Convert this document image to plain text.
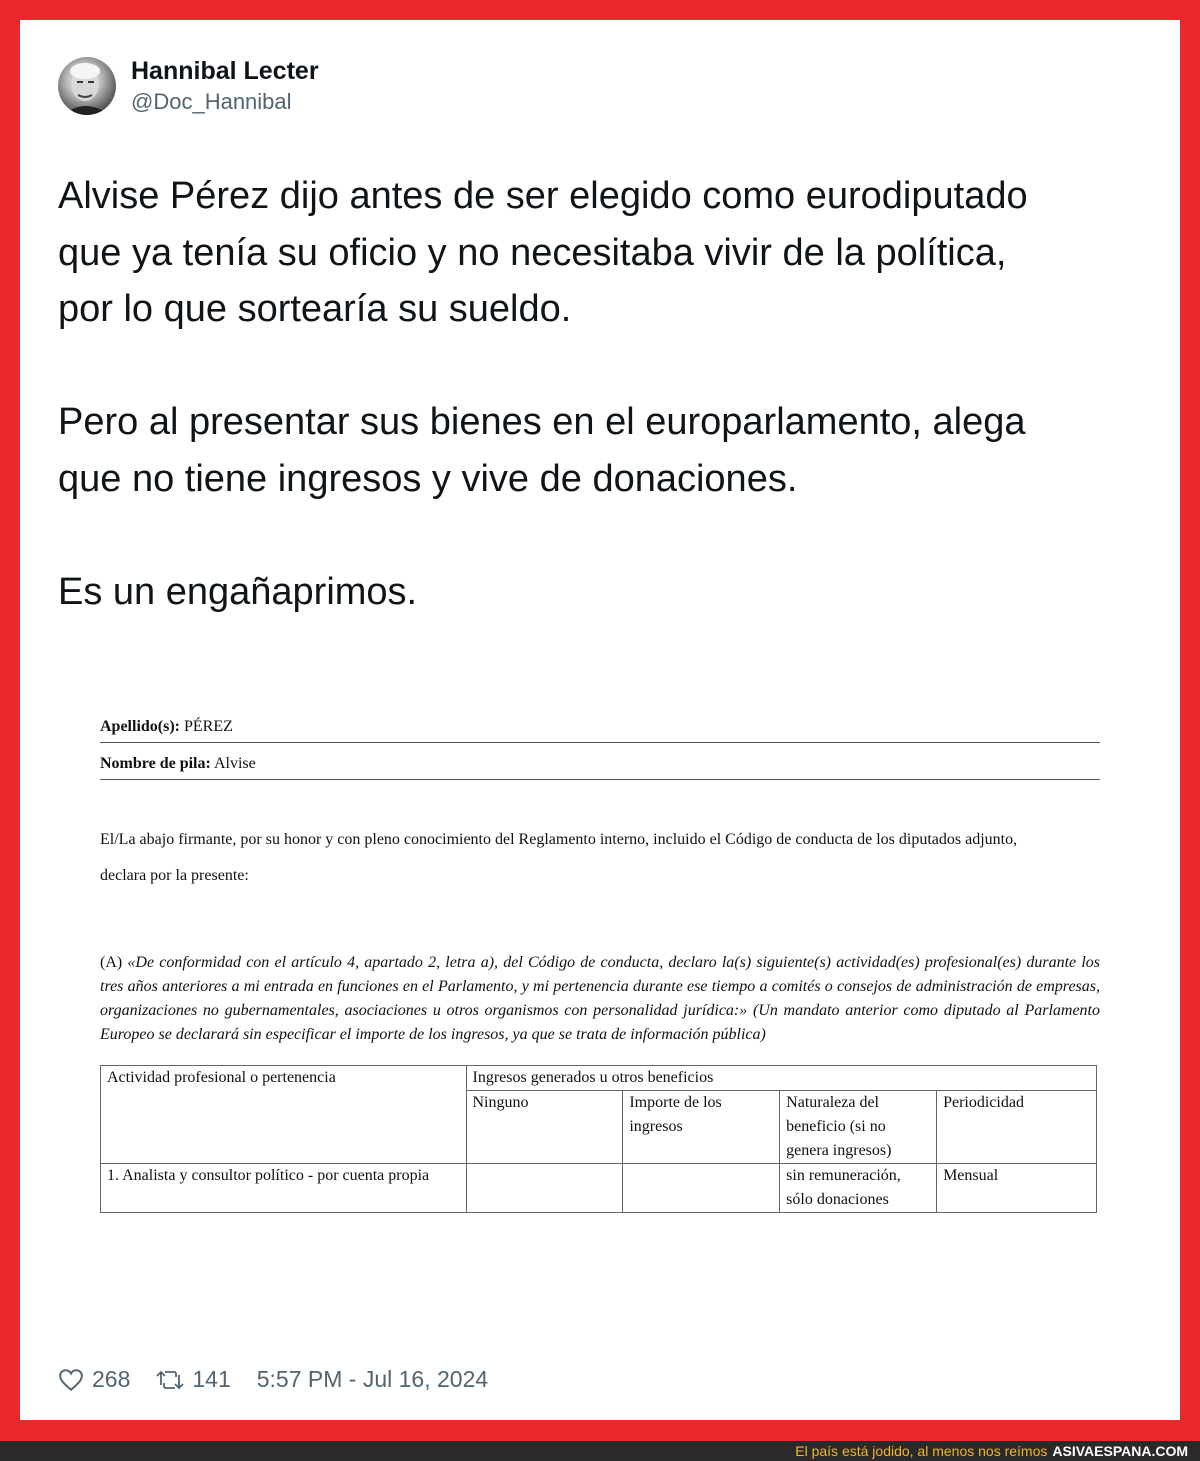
Hannibal Lecter
@Doc_Hannibal
Alvise Pérez dijo antes de ser elegido como eurodiputado
que ya tenía su oficio y no necesitaba vivir de la política,
por lo que sortearía su sueldo.

Pero al presentar sus bienes en el europarlamento, alega
que no tiene ingresos y vive de donaciones.

Es un engañaprimos.
Apellido(s): PÉREZ
Nombre de pila: Alvise
El/La abajo firmante, por su honor y con pleno conocimiento del Reglamento interno, incluido el Código de conducta de los diputados adjunto,
declara por la presente:
(A) «De conformidad con el artículo 4, apartado 2, letra a), del Código de conducta, declaro la(s) siguiente(s) actividad(es) profesional(es) durante los tres años anteriores a mi entrada en funciones en el Parlamento, y mi pertenencia durante ese tiempo a comités o consejos de administración de empresas, organizaciones no gubernamentales, asociaciones u otros organismos con personalidad jurídica:» (Un mandato anterior como diputado al Parlamento Europeo se declarará sin especificar el importe de los ingresos, ya que se trata de información pública)
Actividad profesional o pertenencia	Ingresos generados u otros beneficios			
	Ninguno	Importe de los ingresos	Naturaleza del beneficio (si no genera ingresos)	Periodicidad
1. Analista y consultor político - por cuenta propia			sin remuneración, sólo donaciones	Mensual
268	141 5:57 PM - Jul 16, 2024
El país está jodido, al menos nos reímos ASIVAESPANA.COM
